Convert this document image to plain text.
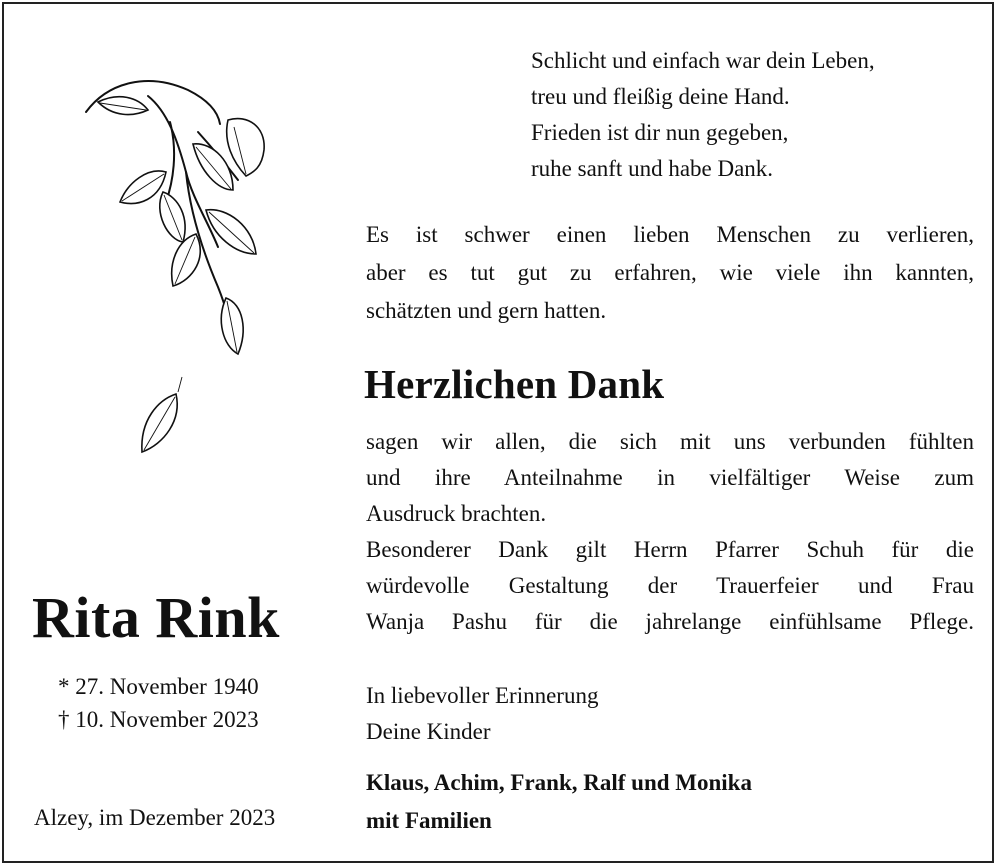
Schlicht und einfach war dein Leben,
treu und fleißig deine Hand.
Frieden ist dir nun gegeben,
ruhe sanft und habe Dank.
Es ist schwer einen lieben Menschen zu verlieren,
aber es tut gut zu erfahren, wie viele ihn kannten,
schätzten und gern hatten.
Herzlichen Dank
sagen wir allen, die sich mit uns verbunden fühlten
und ihre Anteilnahme in vielfältiger Weise zum
Ausdruck brachten.
Besonderer Dank gilt Herrn Pfarrer Schuh für die
würdevolle Gestaltung der Trauerfeier und Frau
Wanja Pashu für die jahrelange einfühlsame Pflege.
In liebevoller Erinnerung
Deine Kinder
Klaus, Achim, Frank, Ralf und Monika
mit Familien
Rita Rink
* 27. November 1940
† 10. November 2023
Alzey, im Dezember 2023
